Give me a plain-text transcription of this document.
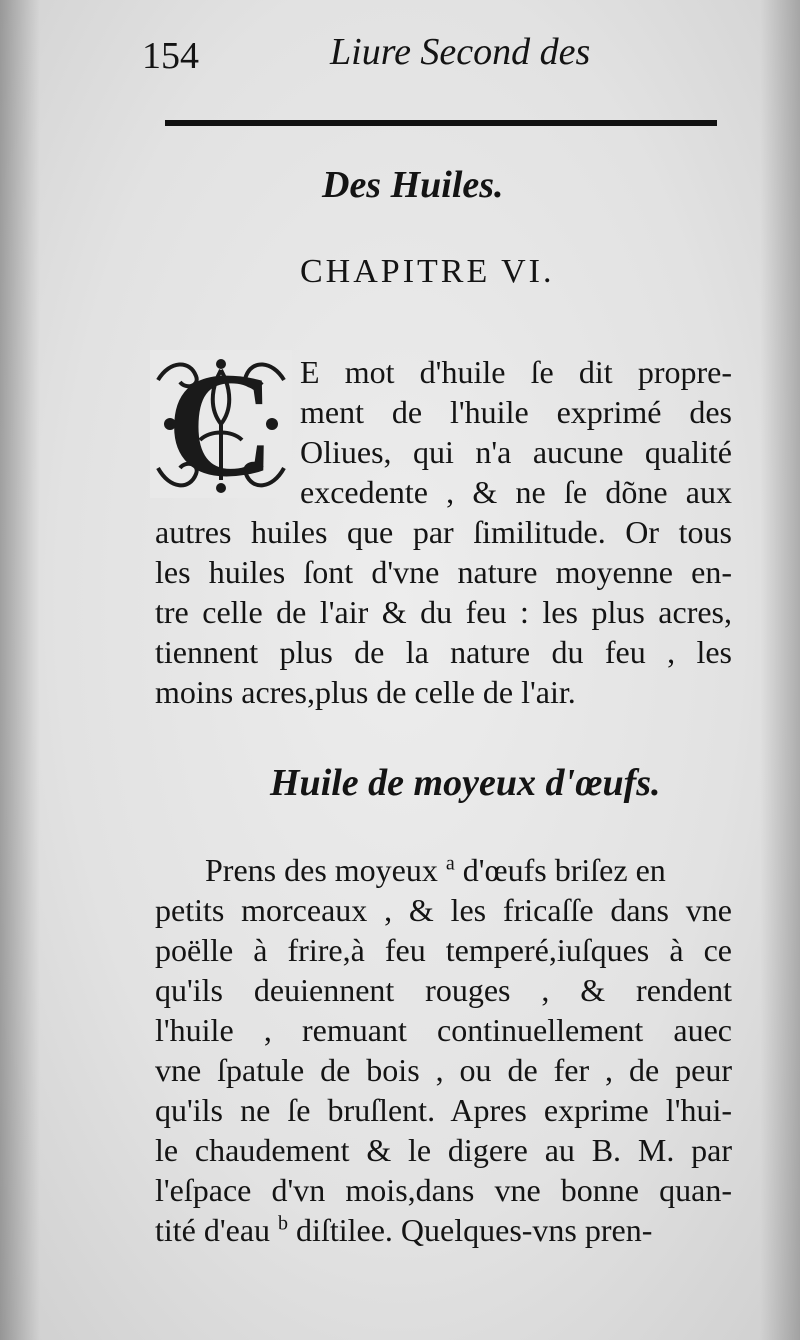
154	Liure Second des
Des Huiles.
CHAPITRE VI.
C E mot d'huile ſe dit propre-
ment de l'huile exprimé des
Oliues, qui n'a aucune qualité
excedente , & ne ſe dõne aux
autres huiles que par ſimilitude. Or tous
les huiles ſont d'vne nature moyenne en-
tre celle de l'air & du feu : les plus acres,
tiennent plus de la nature du feu , les
moins acres,plus de celle de l'air.
Huile de moyeux d'œufs.
Prens des moyeux $^a$ d'œufs briſez en
petits morceaux , & les fricaſſe dans vne
poëlle à frire,à feu temperé,iuſques à ce
qu'ils deuiennent rouges , & rendent
l'huile , remuant continuellement auec
vne ſpatule de bois , ou de fer , de peur
qu'ils ne ſe bruſlent. Apres exprime l'hui-
le chaudement & le digere au B. M. par
l'eſpace d'vn mois,dans vne bonne quan-
tité d'eau $^b$ diſtilee. Quelques-vns pren-
